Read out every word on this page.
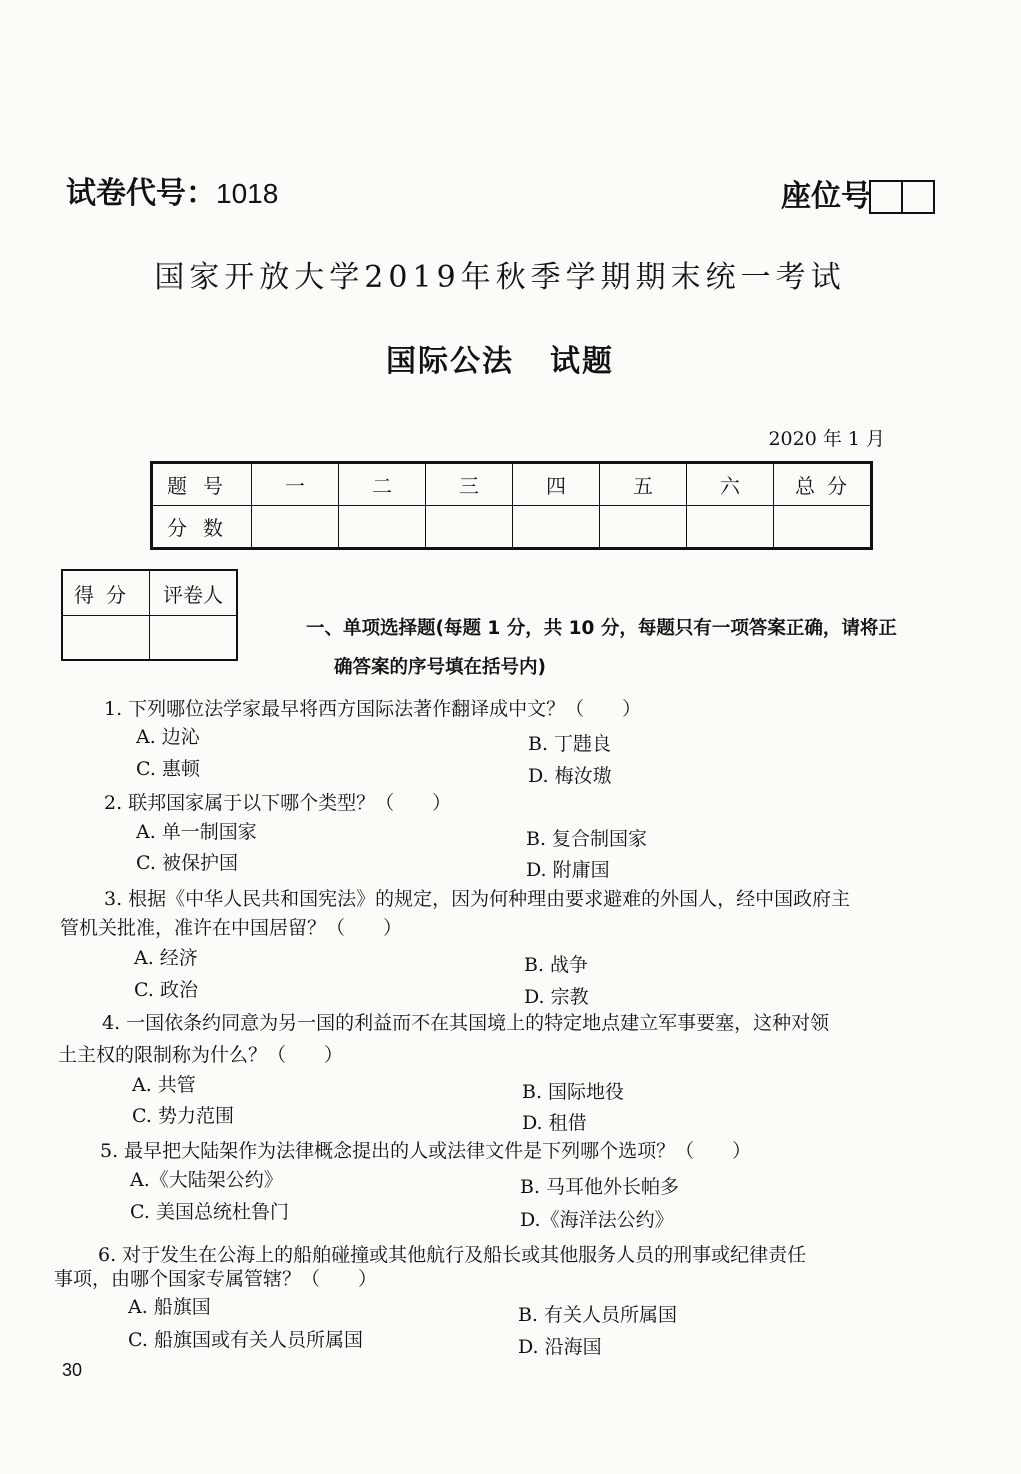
试卷代号：1018	座位号
国家开放大学2019年秋季学期期末统一考试
国际公法 试题
2020 年 1 月
题号	一	二	三	四	五	六	总分
分数							
得分	评卷人

一、单项选择题(每题 1 分，共 10 分，每题只有一项答案正确，请将正
确答案的序号填在括号内)
1. 下列哪位法学家最早将西方国际法著作翻译成中文？（　　）
A. 边沁	B. 丁韪良
C. 惠顿	D. 梅汝璈
2. 联邦国家属于以下哪个类型？（　　）
A. 单一制国家	B. 复合制国家
C. 被保护国	D. 附庸国
3. 根据《中华人民共和国宪法》的规定，因为何种理由要求避难的外国人，经中国政府主
管机关批准，准许在中国居留？（　　）
A. 经济	B. 战争
C. 政治	D. 宗教
4. 一国依条约同意为另一国的利益而不在其国境上的特定地点建立军事要塞，这种对领
土主权的限制称为什么？（　　）
A. 共管	B. 国际地役
C. 势力范围	D. 租借
5. 最早把大陆架作为法律概念提出的人或法律文件是下列哪个选项？（　　）
A.《大陆架公约》	B. 马耳他外长帕多
C. 美国总统杜鲁门	D.《海洋法公约》
6. 对于发生在公海上的船舶碰撞或其他航行及船长或其他服务人员的刑事或纪律责任
事项，由哪个国家专属管辖？（　　）
A. 船旗国	B. 有关人员所属国
C. 船旗国或有关人员所属国	D. 沿海国
30
